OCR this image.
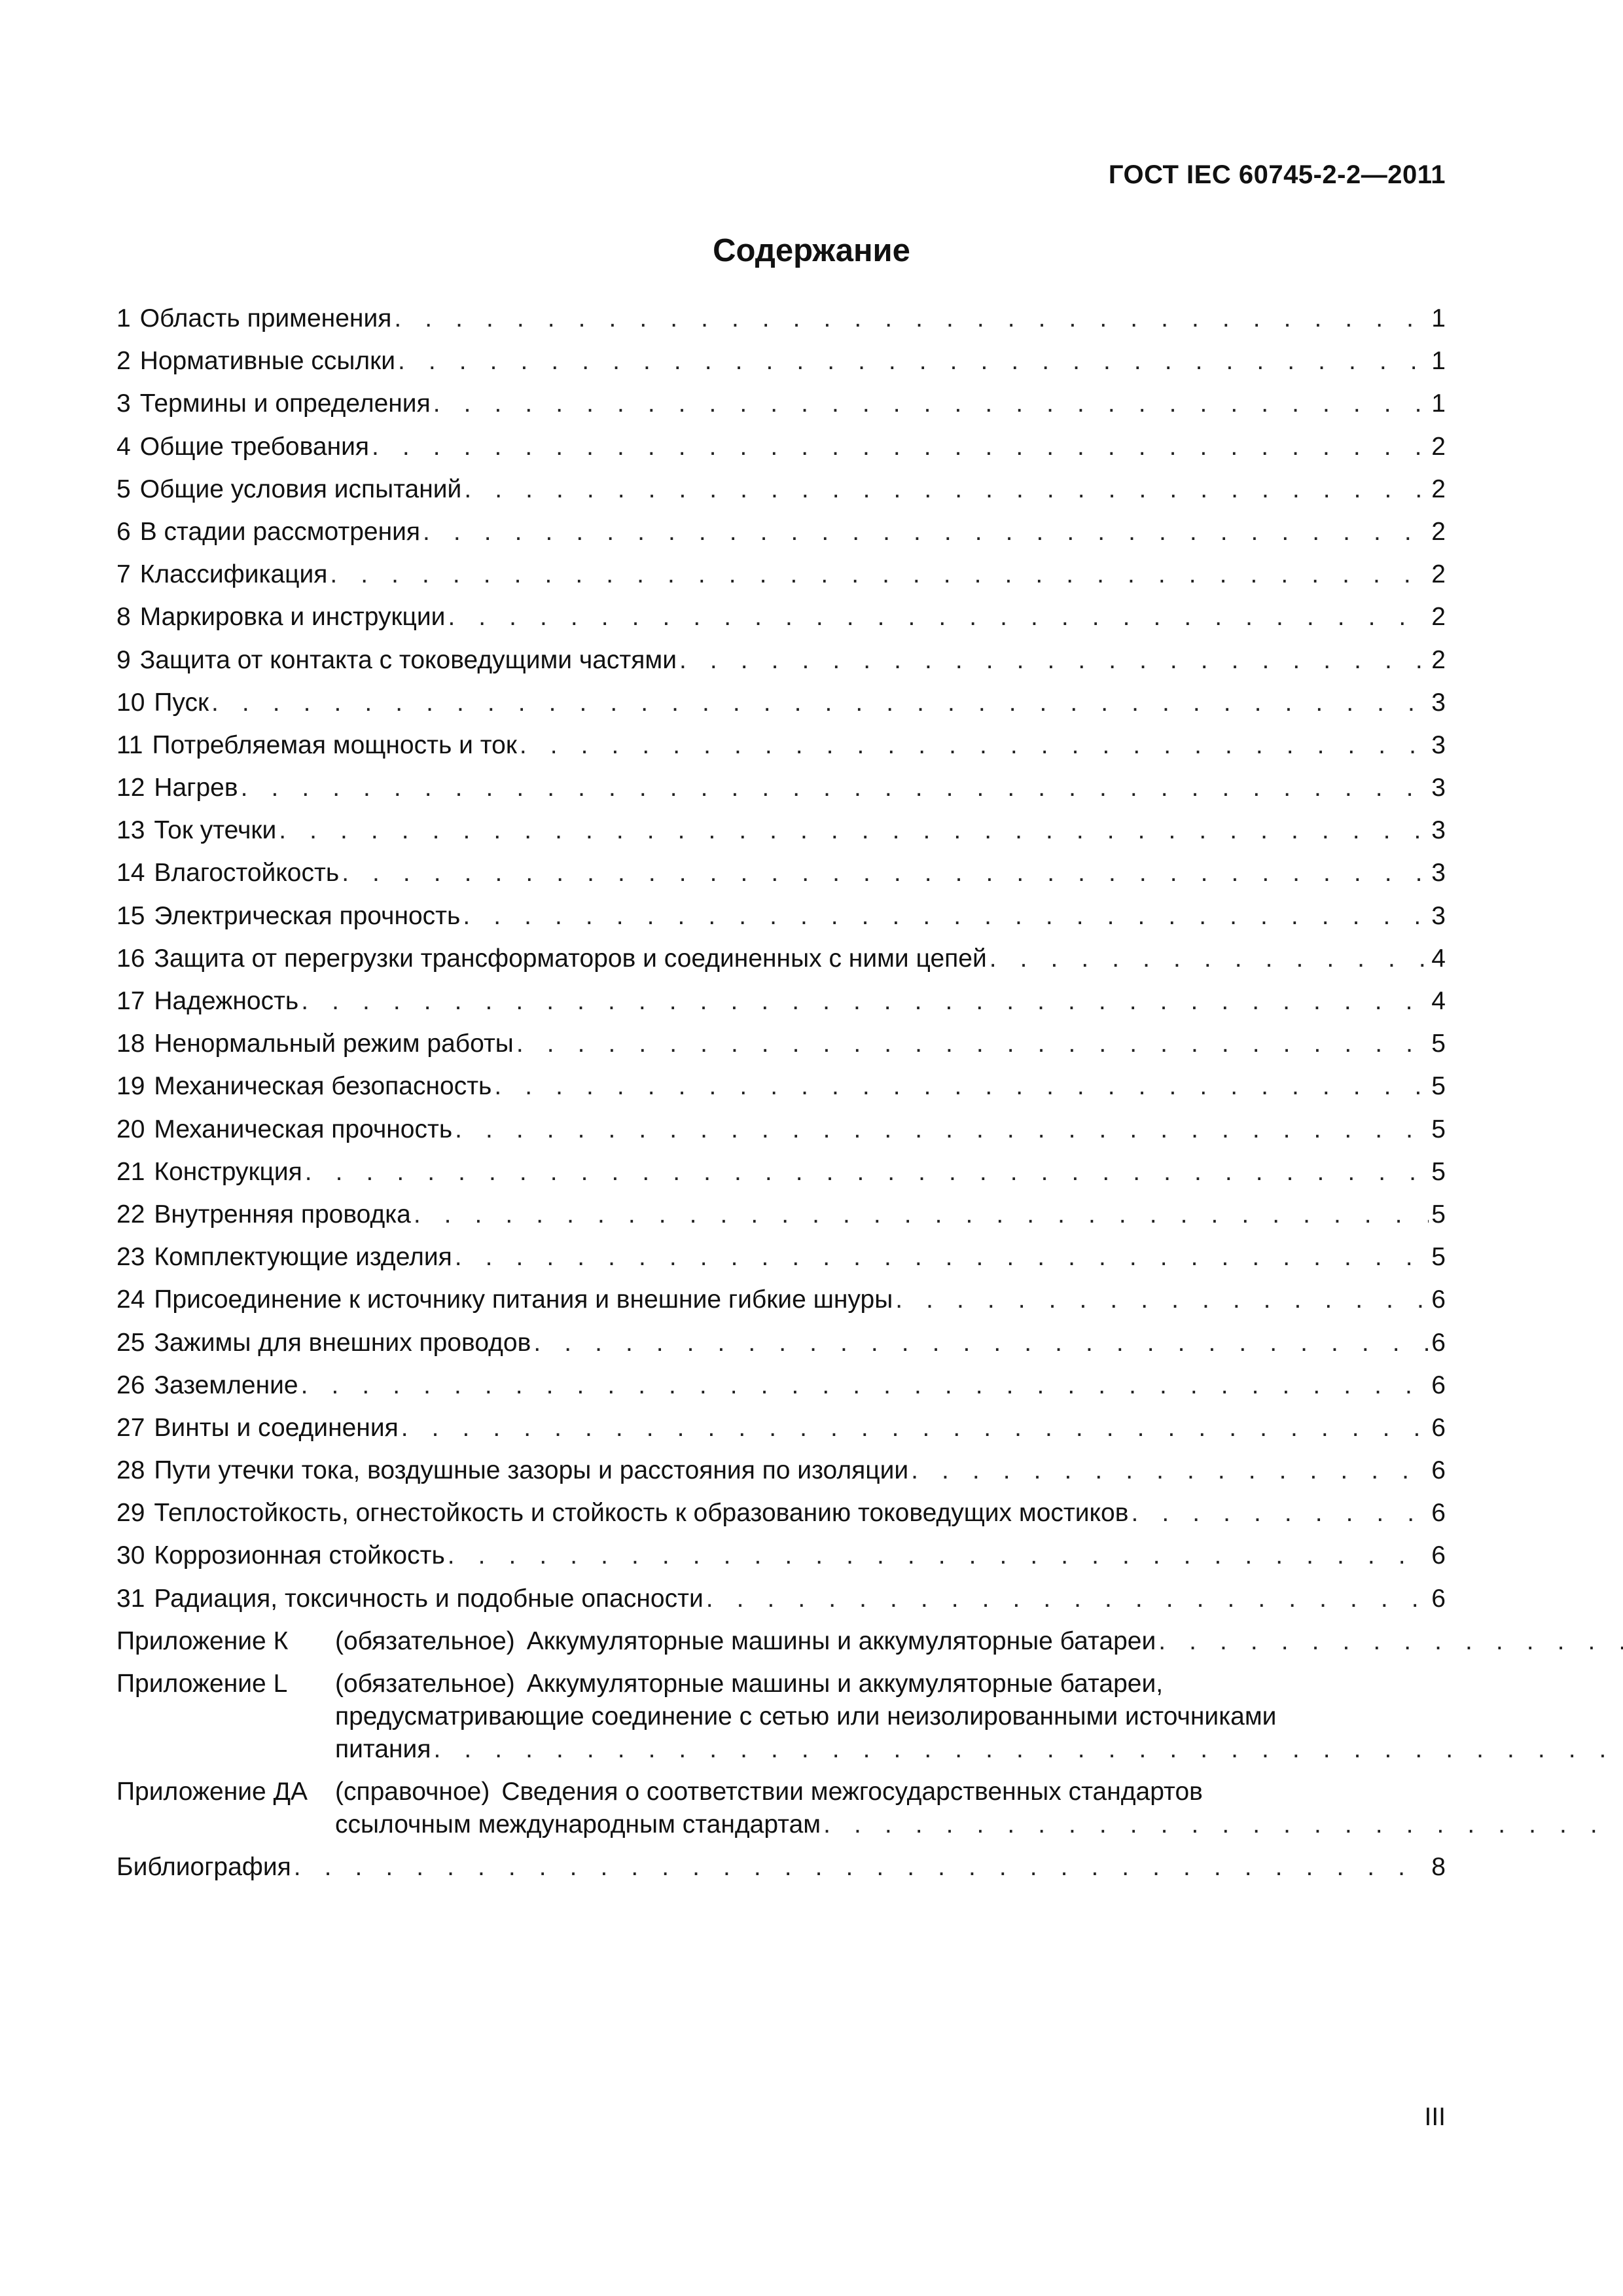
ГОСТ IEC 60745-2-2—2011
Содержание
1 Область применения . . .	1
2 Нормативные ссылки . . .	1
3 Термины и определения . . .	1
4 Общие требования . . .	2
5 Общие условия испытаний . . .	2
6 В стадии рассмотрения . . .	2
7 Классификация . . .	2
8 Маркировка и инструкции . . .	2
9 Защита от контакта с токоведущими частями . . .	2
10 Пуск . . .	3
11 Потребляемая мощность и ток . . .	3
12 Нагрев . . .	3
13 Ток утечки . . .	3
14 Влагостойкость . . .	3
15 Электрическая прочность . . .	3
16 Защита от перегрузки трансформаторов и соединенных с ними цепей . . .	4
17 Надежность . . .	4
18 Ненормальный режим работы . . .	5
19 Механическая безопасность . . .	5
20 Механическая прочность . . .	5
21 Конструкция . . .	5
22 Внутренняя проводка . . .	5
23 Комплектующие изделия . . .	5
24 Присоединение к источнику питания и внешние гибкие шнуры . . .	6
25 Зажимы для внешних проводов . . .	6
26 Заземление . . .	6
27 Винты и соединения . . .	6
28 Пути утечки тока, воздушные зазоры и расстояния по изоляции . . .	6
29 Теплостойкость, огнестойкость и стойкость к образованию токоведущих мостиков . . .	6
30 Коррозионная стойкость . . .	6
31 Радиация, токсичность и подобные опасности . . .	6
Приложение К	(обязательное) Аккумуляторные машины и аккумуляторные батареи
. . .
Приложение L	(обязательное) Аккумуляторные машины и аккумуляторные батареи,
предусматривающие соединение с сетью или неизолированными источниками
питания
. . .
Приложение ДА	(справочное) Сведения о соответствии межгосударственных стандартов
ссылочным международным стандартам
. . .
Библиография . . .	8
III
